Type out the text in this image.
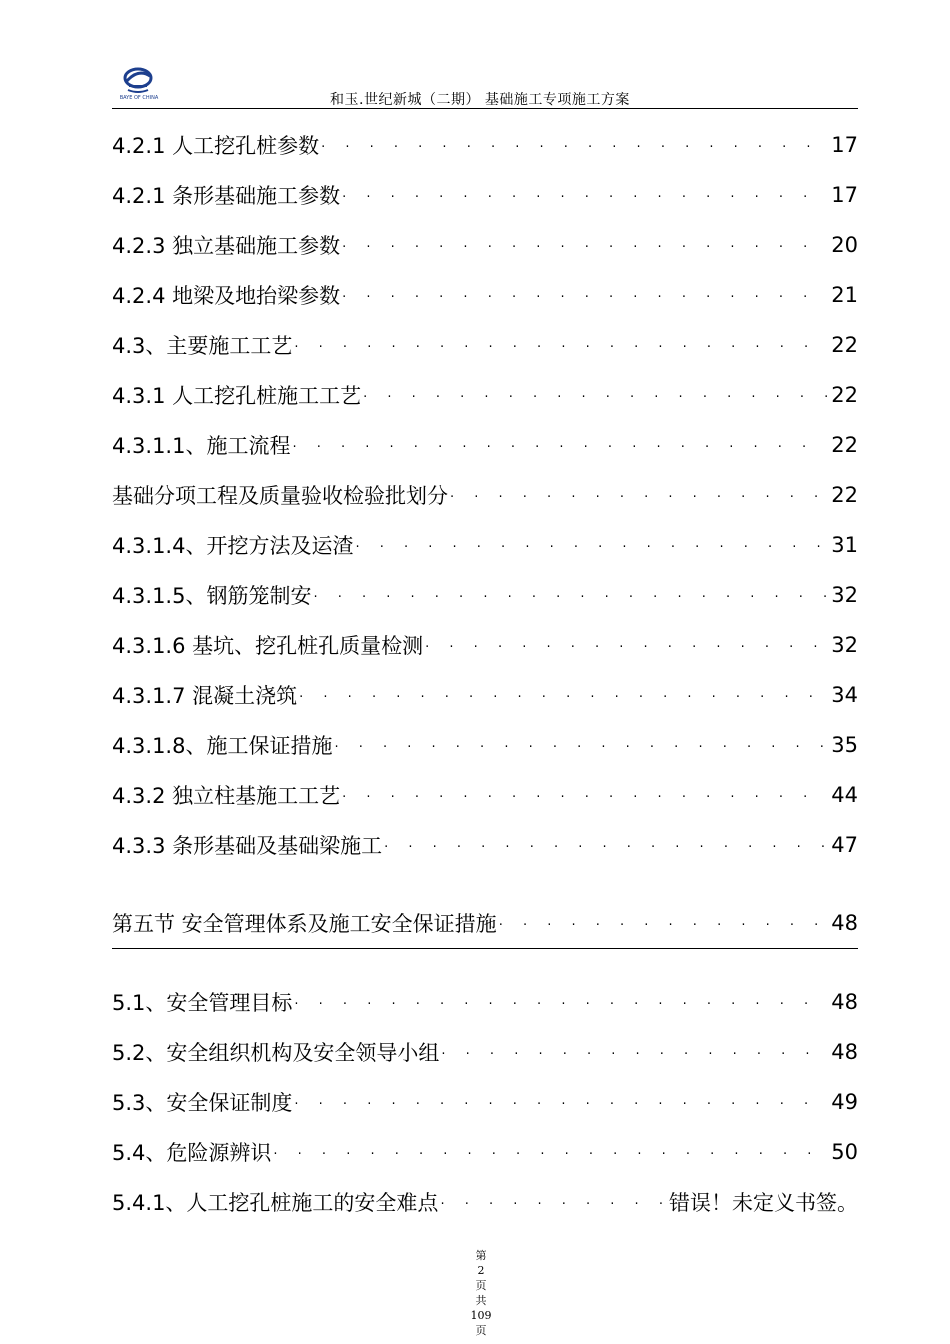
BAYE OF CHINA	和玉.世纪新城（二期） 基础施工专项施工方案
4.2.1 人工挖孔桩参数 · · ·	17
4.2.1 条形基础施工参数 · · ·	17
4.2.3 独立基础施工参数 · · ·	20
4.2.4 地梁及地抬梁参数 · · ·	21
4.3、主要施工工艺 · · ·	22
4.3.1 人工挖孔桩施工工艺 · · ·	22
4.3.1.1、施工流程 · · ·	22
基础分项工程及质量验收检验批划分 · · ·	22
4.3.1.4、开挖方法及运渣 · · ·	31
4.3.1.5、钢筋笼制安 · · ·	32
4.3.1.6 基坑、挖孔桩孔质量检测 · · ·	32
4.3.1.7 混凝土浇筑 · · ·	34
4.3.1.8、施工保证措施 · · ·	35
4.3.2 独立柱基施工工艺 · · ·	44
4.3.3 条形基础及基础梁施工 · · ·	47
第五节 安全管理体系及施工安全保证措施 · · ·	48
5.1、安全管理目标 · · ·	48
5.2、安全组织机构及安全领导小组 · · ·	48
5.3、安全保证制度 · · ·	49
5.4、危险源辨识 · · ·	50
5.4.1、人工挖孔桩施工的安全难点 · · ·	错误！未定义书签。
第
2
页
共
109
页
